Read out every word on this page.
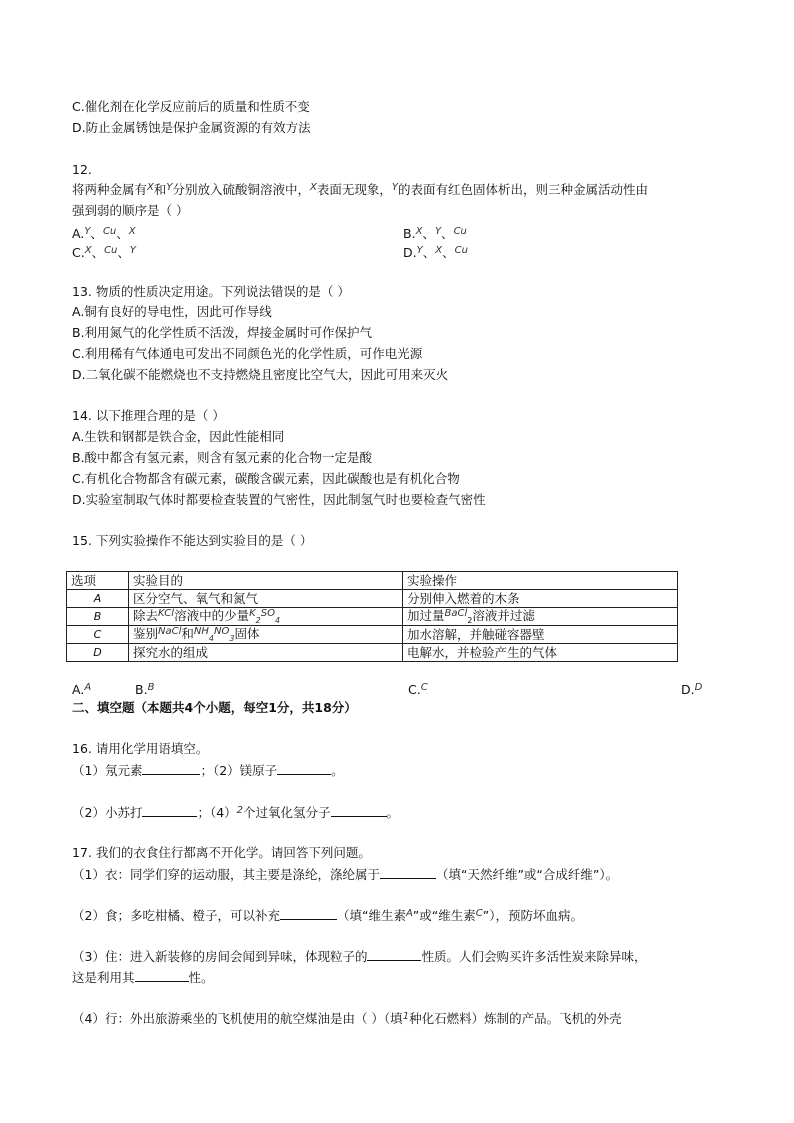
C.催化剂在化学反应前后的质量和性质不变
D.防止金属锈蚀是保护金属资源的有效方法
12.
将两种金属有$^X$和$^Y$分别放入硫酸铜溶液中，$^X$表面无现象，$^Y$的表面有红色固体析出，则三种金属活动性由
强到弱的顺序是（ ）
A.$^Y$、$^{Cu}$、$^X$	B.$^X$、$^Y$、$^{Cu}$
C.$^X$、$^{Cu}$、$^Y$	D.$^Y$、$^X$、$^{Cu}$
13. 物质的性质决定用途。下列说法错误的是（ ）
A.铜有良好的导电性，因此可作导线
B.利用氮气的化学性质不活泼，焊接金属时可作保护气
C.利用稀有气体通电可发出不同颜色光的化学性质，可作电光源
D.二氧化碳不能燃烧也不支持燃烧且密度比空气大，因此可用来灭火
14. 以下推理合理的是（ ）
A.生铁和钢都是铁合金，因此性能相同
B.酸中都含有氢元素，则含有氢元素的化合物一定是酸
C.有机化合物都含有碳元素，碳酸含碳元素，因此碳酸也是有机化合物
D.实验室制取气体时都要检查装置的气密性，因此制氢气时也要检查气密性
15. 下列实验操作不能达到实验目的是（ ）
选项	实验目的	实验操作
A	区分空气、氧气和氮气	分别伸入燃着的木条
B	除去$^{KCl}$溶液中的少量$^K_2^{SO}_4$	加过量$^{BaCl}_2$溶液并过滤
C	鉴别$^{NaCl}$和$^{NH}_4^{NO}_3$固体	加水溶解，并触碰容器壁
D	探究水的组成	电解水，并检验产生的气体
A.$^A$	B.$^B$	C.$^C$	D.$^D$
二、填空题（本题共4个小题，每空1分，共18分）
16. 请用化学用语填空。
（1）氖元素	；（2）镁原子	。
（2）小苏打	；$(4)^2$个过氧化氢分子	。
17. 我们的衣食住行都离不开化学。请回答下列问题。
（1）衣：同学们穿的运动服，其主要是涤纶，涤纶属于	（填“天然纤维”或“合成纤维”）。
（2）食；多吃柑橘、橙子，可以补充	（填“维生素$^A$”或“维生素$^C$”），预防坏血病。
（3）住：进入新装修的房间会闻到异味，体现粒子的	性质。人们会购买许多活性炭来除异味，
这是利用其	性。
（4）行：外出旅游乘坐的飞机使用的航空煤油是由（ ）（填$^1$种化石燃料）炼制的产品。飞机的外壳
